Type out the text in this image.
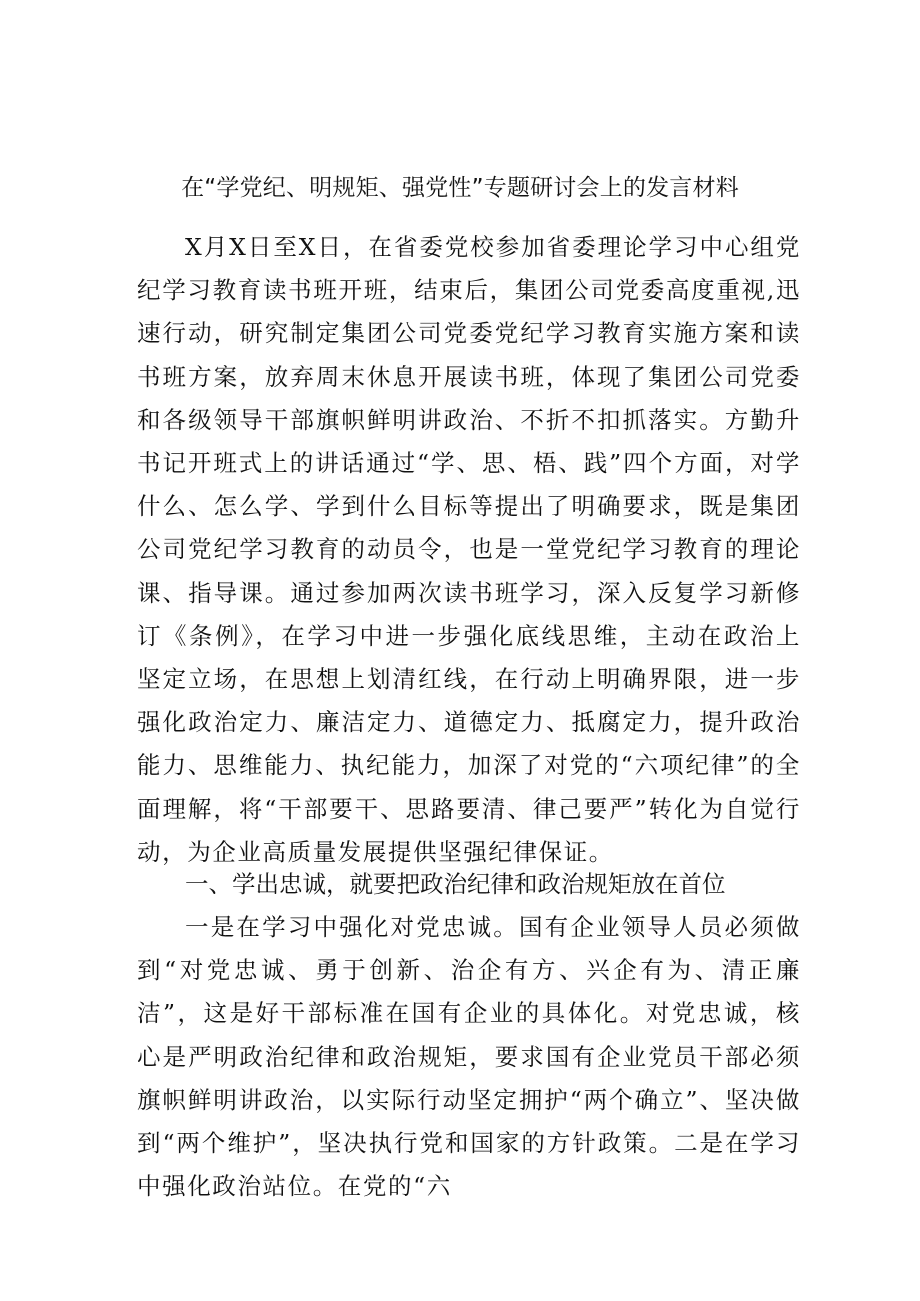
在“学党纪、明规矩、强党性”专题研讨会上的发言材料

X月X日至X日，在省委党校参加省委理论学习中心组党纪学习教育读书班开班，结束后，集团公司党委高度重视,迅速行动，研究制定集团公司党委党纪学习教育实施方案和读书班方案，放弃周末休息开展读书班，体现了集团公司党委和各级领导干部旗帜鲜明讲政治、不折不扣抓落实。方勤升书记开班式上的讲话通过“学、思、梧、践”四个方面，对学什么、怎么学、学到什么目标等提出了明确要求，既是集团公司党纪学习教育的动员令，也是一堂党纪学习教育的理论课、指导课。通过参加两次读书班学习，深入反复学习新修订《条例》，在学习中进一步强化底线思维，主动在政治上坚定立场，在思想上划清红线，在行动上明确界限，进一步强化政治定力、廉洁定力、道德定力、抵腐定力，提升政治能力、思维能力、执纪能力，加深了对党的“六项纪律”的全面理解，将“干部要干、思路要清、律己要严”转化为自觉行动，为企业高质量发展提供坚强纪律保证。

一、学出忠诚，就要把政治纪律和政治规矩放在首位

一是在学习中强化对党忠诚。国有企业领导人员必须做到“对党忠诚、勇于创新、治企有方、兴企有为、清正廉洁”，这是好干部标准在国有企业的具体化。对党忠诚，核心是严明政治纪律和政治规矩，要求国有企业党员干部必须旗帜鲜明讲政治，以实际行动坚定拥护“两个确立”、坚决做到“两个维护”，坚决执行党和国家的方针政策。二是在学习中强化政治站位。在党的“六
